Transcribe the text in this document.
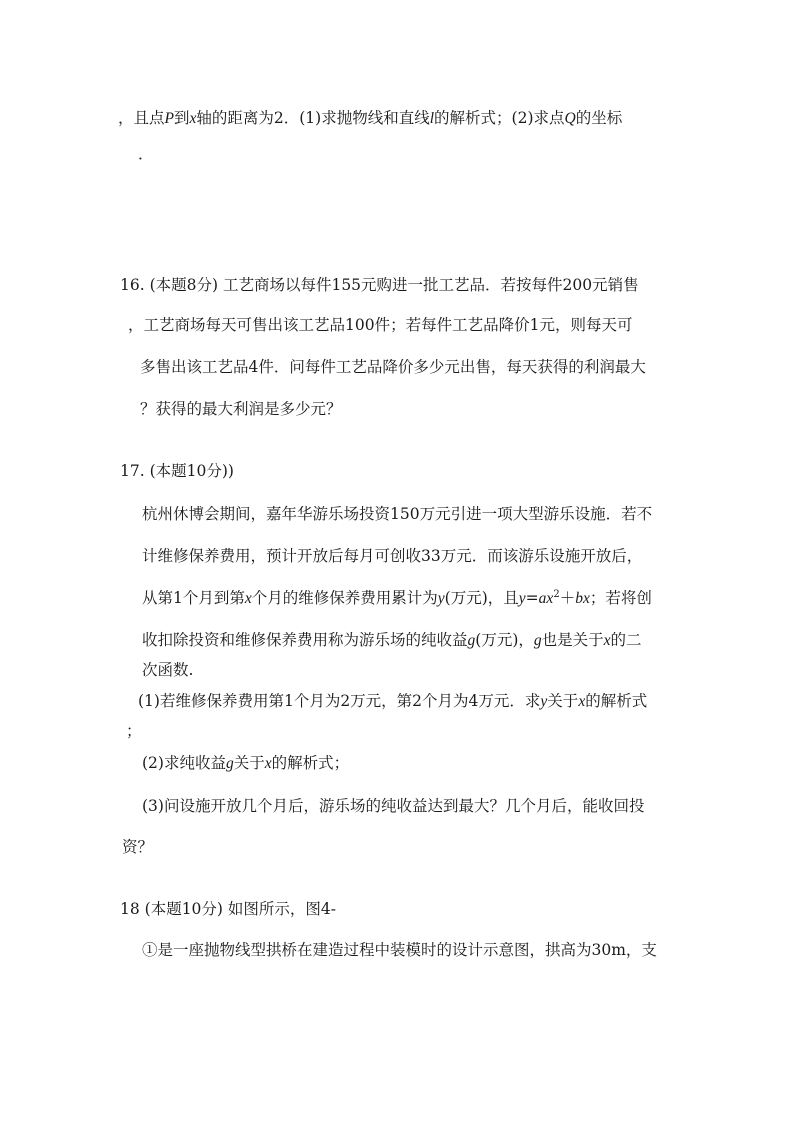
，且点P到x轴的距离为2．(1)求抛物线和直线l的解析式；(2)求点Q的坐标
．
16. (本题8分) 工艺商场以每件155元购进一批工艺品．若按每件200元销售
，工艺商场每天可售出该工艺品100件；若每件工艺品降价1元，则每天可
多售出该工艺品4件．问每件工艺品降价多少元出售，每天获得的利润最大
？获得的最大利润是多少元？
17. (本题10分))
杭州休博会期间，嘉年华游乐场投资150万元引进一项大型游乐设施．若不
计维修保养费用，预计开放后每月可创收33万元．而该游乐设施开放后，
从第1个月到第x个月的维修保养费用累计为y(万元)，且$y=ax^2+bx$；若将创
收扣除投资和维修保养费用称为游乐场的纯收益g(万元)，g也是关于x的二
次函数.
(1)若维修保养费用第1个月为2万元，第2个月为4万元．求y关于x的解析式
；
(2)求纯收益g关于x的解析式；
(3)问设施开放几个月后，游乐场的纯收益达到最大？几个月后，能收回投
资？
18 (本题10分) 如图所示，图4-
①是一座抛物线型拱桥在建造过程中装模时的设计示意图，拱高为30m，支
